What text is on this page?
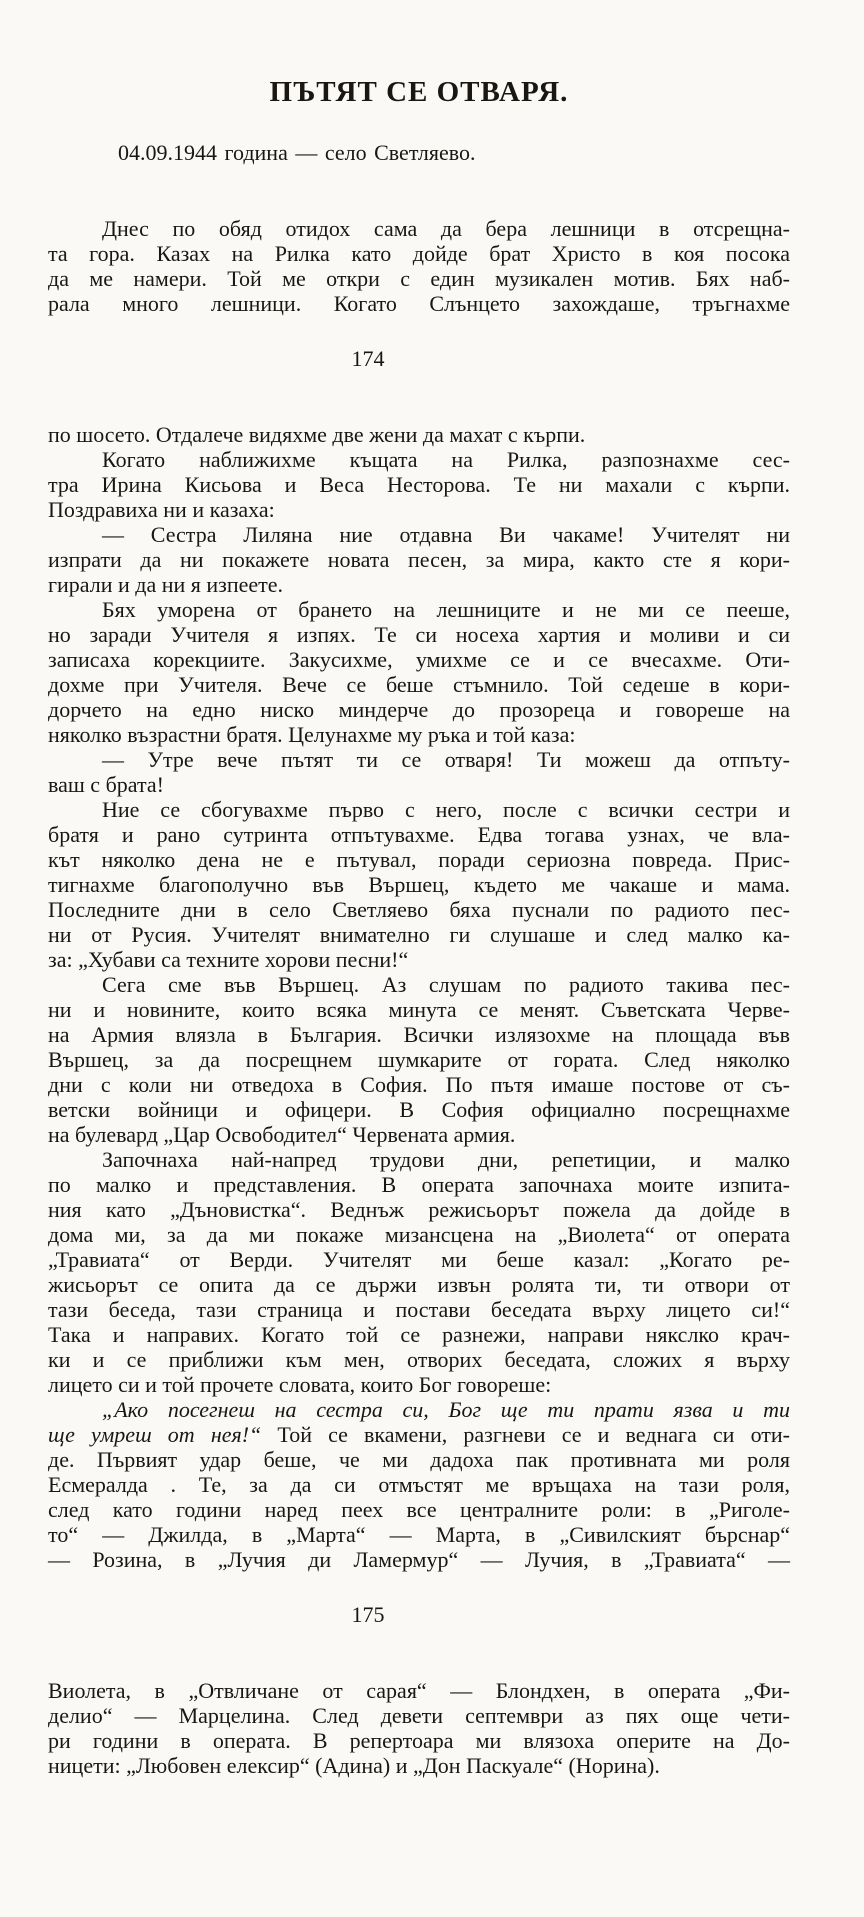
ПЪТЯТ СЕ ОТВАРЯ.
04.09.1944 година — село Светляево.
Днес по обяд отидох сама да бера лешници в отсрещна-
та гора. Казах на Рилка като дойде брат Христо в коя посока
да ме намери. Той ме откри с един музикален мотив. Бях наб-
рала много лешници. Когато Слънцето захождаше, тръгнахме
174
по шосето. Отдалече видяхме две жени да махат с кърпи.
Когато наближихме къщата на Рилка, разпознахме сес-
тра Ирина Кисьова и Веса Несторова. Те ни махали с кърпи.
Поздравиха ни и казаха:
— Сестра Лиляна ние отдавна Ви чакаме! Учителят ни
изпрати да ни покажете новата песен, за мира, както сте я кори-
гирали и да ни я изпеете.
Бях уморена от брането на лешниците и не ми се пееше,
но заради Учителя я изпях. Те си носеха хартия и моливи и си
записаха корекциите. Закусихме, умихме се и се вчесахме. Оти-
дохме при Учителя. Вече се беше стъмнило. Той седеше в кори-
дорчето на едно ниско миндерче до прозореца и говореше на
няколко възрастни братя. Целунахме му ръка и той каза:
— Утре вече пътят ти се отваря! Ти можеш да отпъту-
ваш с брата!
Ние се сбогувахме първо с него, после с всички сестри и
братя и рано сутринта отпътувахме. Едва тогава узнах, че вла-
кът няколко дена не е пътувал, поради сериозна повреда. Прис-
тигнахме благополучно във Вършец, където ме чакаше и мама.
Последните дни в село Светляево бяха пуснали по радиото пес-
ни от Русия. Учителят внимателно ги слушаше и след малко ка-
за: „Хубави са техните хорови песни!“
Сега сме във Вършец. Аз слушам по радиото такива пес-
ни и новините, които всяка минута се менят. Съветската Черве-
на Армия влязла в България. Всички излязохме на площада във
Вършец, за да посрещнем шумкарите от гората. След няколко
дни с коли ни отведоха в София. По пътя имаше постове от съ-
ветски войници и офицери. В София официално посрещнахме
на булевард „Цар Освободител“ Червената армия.
Започнаха най-напред трудови дни, репетиции, и малко
по малко и представления. В операта започнаха моите изпита-
ния като „Дъновистка“. Веднъж режисьорът пожела да дойде в
дома ми, за да ми покаже мизансцена на „Виолета“ от операта
„Травиата“ от Верди. Учителят ми беше казал: „Когато ре-
жисьорът се опита да се държи извън ролята ти, ти отвори от
тази беседа, тази страница и постави беседата върху лицето си!“
Така и направих. Когато той се разнежи, направи някслко крач-
ки и се приближи към мен, отворих беседата, сложих я върху
лицето си и той прочете словата, които Бог говореше:
„Ако посегнеш на сестра си, Бог ще ти прати язва и ти
ще умреш от нея!“ Той се вкамени, разгневи се и веднага си оти-
де. Първият удар беше, че ми дадоха пак противната ми роля
Есмералда . Те, за да си отмъстят ме връщаха на тази роля,
след като години наред пеех все централните роли: в „Риголе-
то“ — Джилда, в „Марта“ — Марта, в „Сивилският бърснар“
— Розина, в „Лучия ди Ламермур“ — Лучия, в „Травиата“ —
175
Виолета, в „Отвличане от сарая“ — Блондхен, в операта „Фи-
делио“ — Марцелина. След девети септември аз пях още чети-
ри години в операта. В репертоара ми влязоха оперите на До-
ницети: „Любовен елексир“ (Адина) и „Дон Паскуале“ (Норина).
